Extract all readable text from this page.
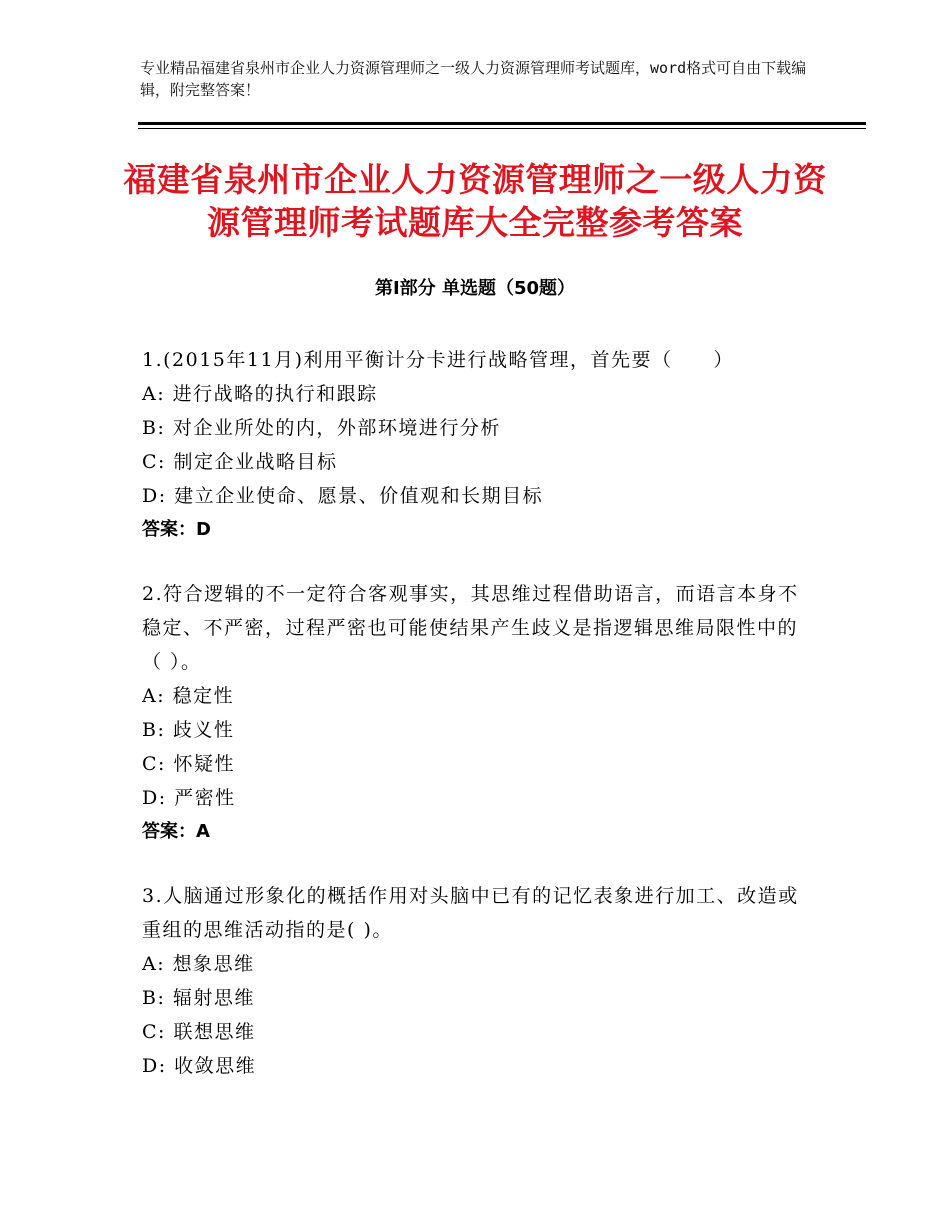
专业精品福建省泉州市企业人力资源管理师之一级人力资源管理师考试题库，word格式可自由下载编辑，附完整答案！
福建省泉州市企业人力资源管理师之一级人力资源管理师考试题库大全完整参考答案
第Ⅰ部分 单选题（50题）
1.(2015年11月)利用平衡计分卡进行战略管理，首先要（　　）

A: 进行战略的执行和跟踪

B: 对企业所处的内，外部环境进行分析

C: 制定企业战略目标

D: 建立企业使命、愿景、价值观和长期目标

答案：D
2.符合逻辑的不一定符合客观事实，其思维过程借助语言，而语言本身不稳定、不严密，过程严密也可能使结果产生歧义是指逻辑思维局限性中的（ ）。

A: 稳定性

B: 歧义性

C: 怀疑性

D: 严密性

答案：A
3.人脑通过形象化的概括作用对头脑中已有的记忆表象进行加工、改造或重组的思维活动指的是( )。

A: 想象思维

B: 辐射思维

C: 联想思维

D: 收敛思维
